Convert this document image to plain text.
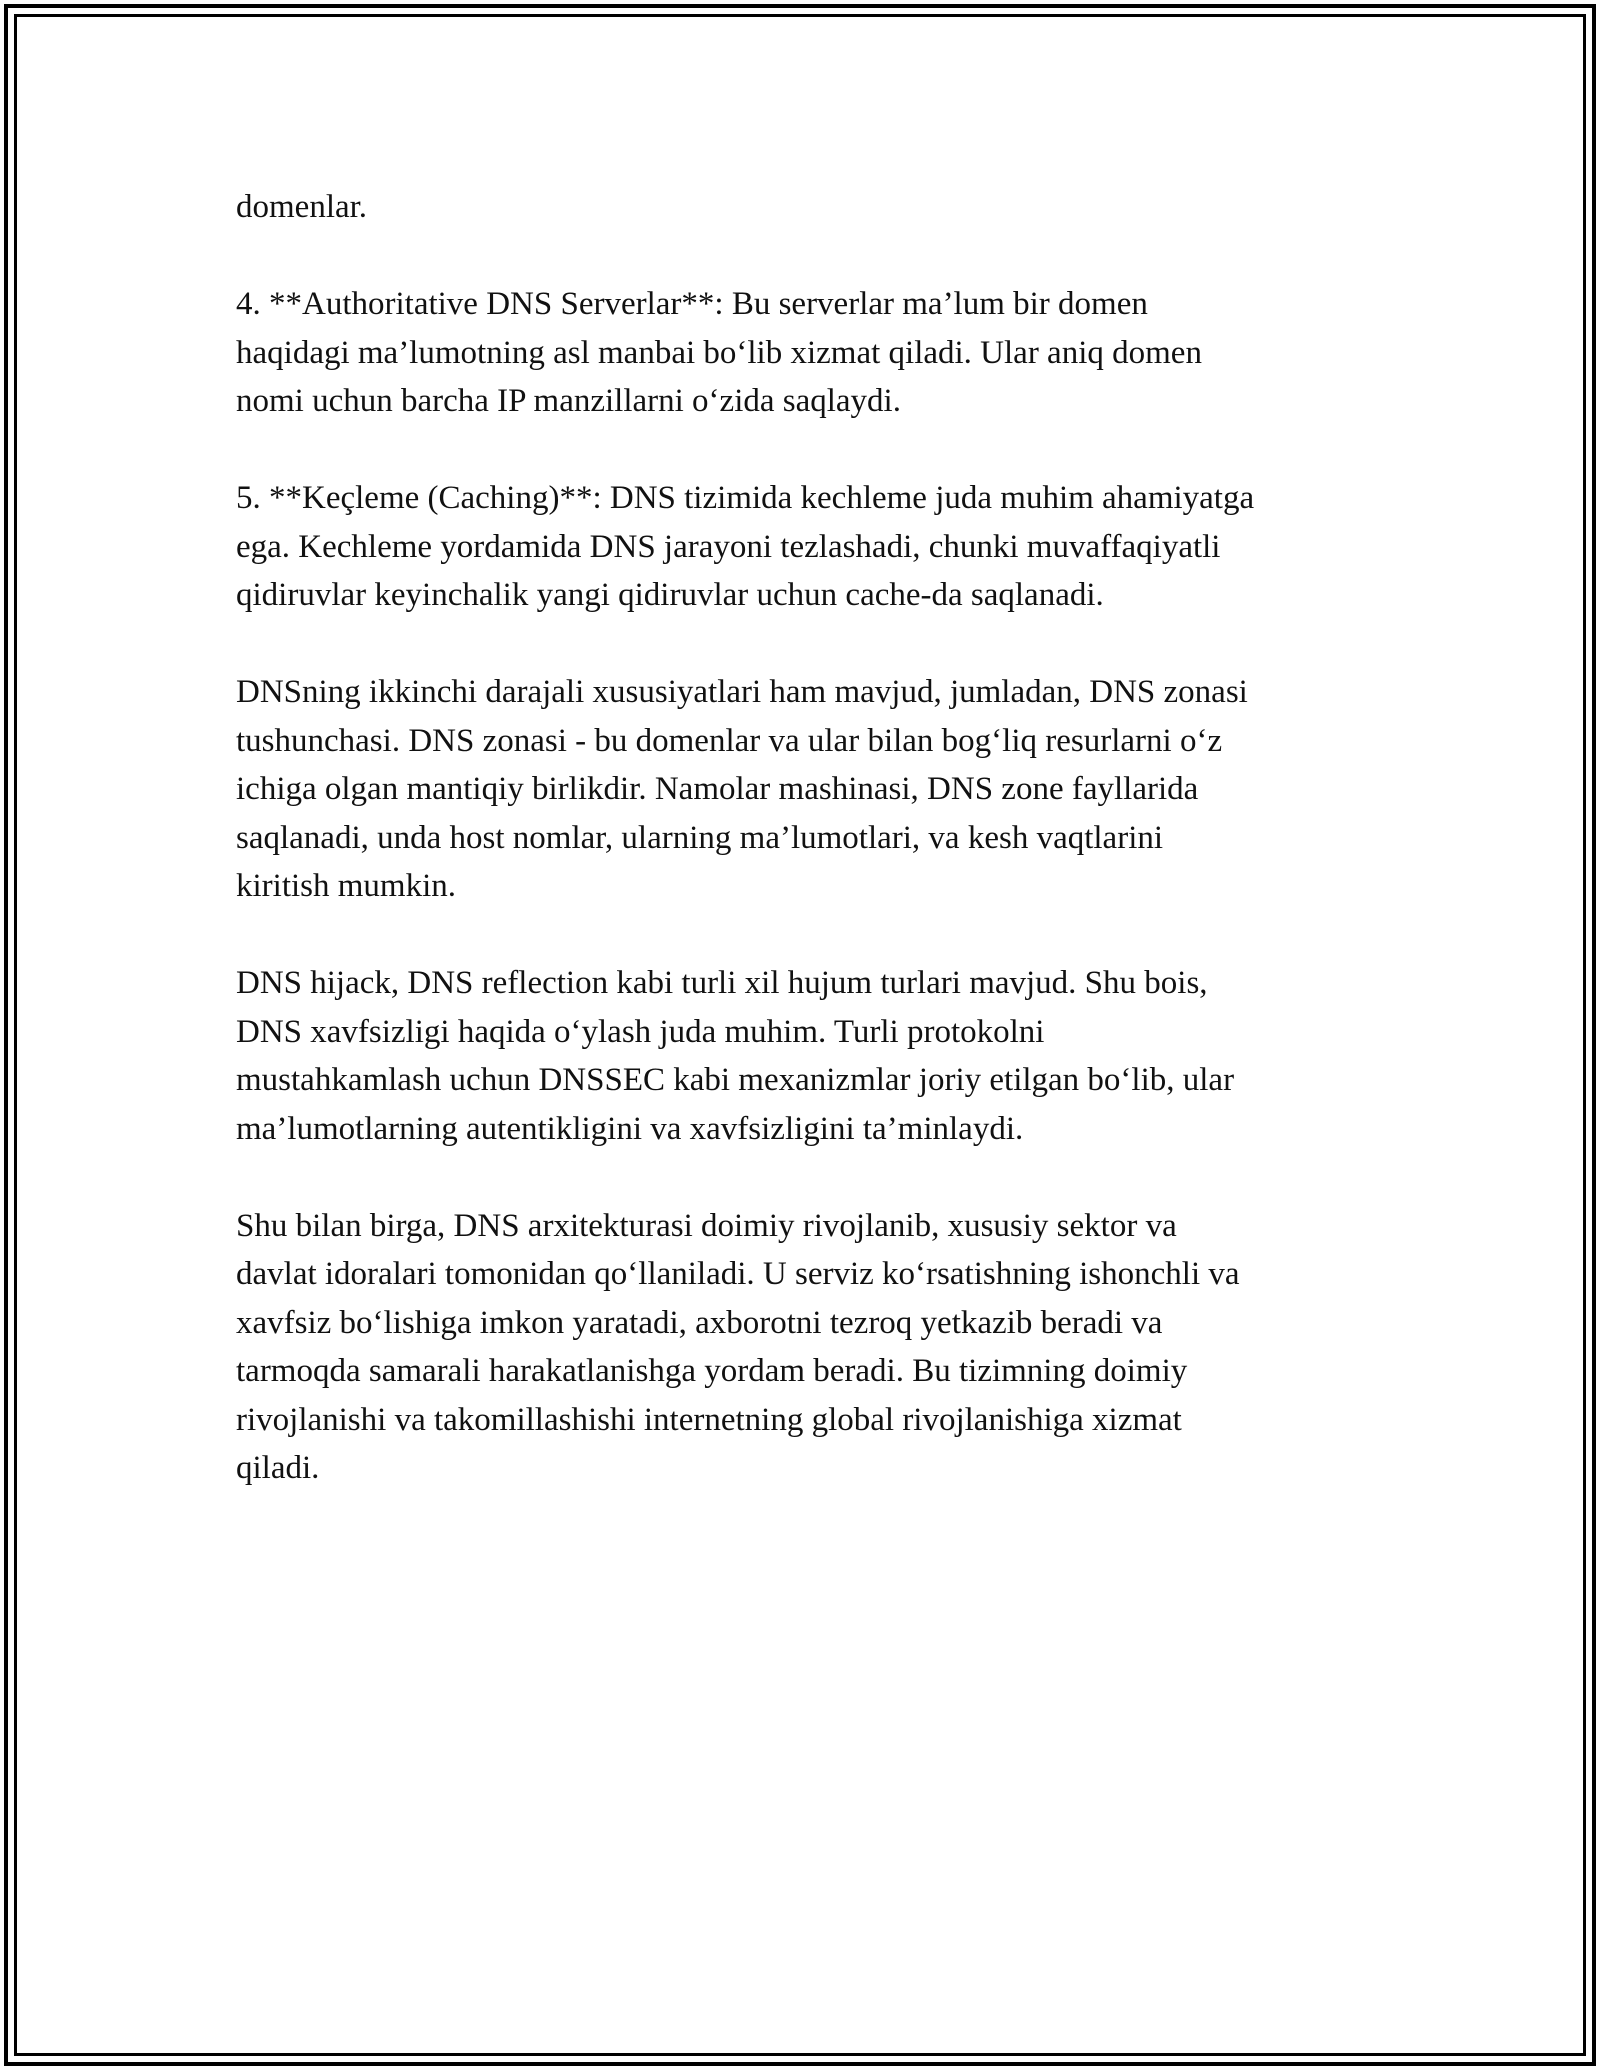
domenlar.
4. **Authoritative DNS Serverlar**: Bu serverlar ma’lum bir domen
haqidagi ma’lumotning asl manbai bo‘lib xizmat qiladi. Ular aniq domen
nomi uchun barcha IP manzillarni o‘zida saqlaydi.
5. **Keçleme (Caching)**: DNS tizimida kechleme juda muhim ahamiyatga
ega. Kechleme yordamida DNS jarayoni tezlashadi, chunki muvaffaqiyatli
qidiruvlar keyinchalik yangi qidiruvlar uchun cache-da saqlanadi.
DNSning ikkinchi darajali xususiyatlari ham mavjud, jumladan, DNS zonasi
tushunchasi. DNS zonasi - bu domenlar va ular bilan bog‘liq resurlarni o‘z
ichiga olgan mantiqiy birlikdir. Namolar mashinasi, DNS zone fayllarida
saqlanadi, unda host nomlar, ularning ma’lumotlari, va kesh vaqtlarini
kiritish mumkin.
DNS hijack, DNS reflection kabi turli xil hujum turlari mavjud. Shu bois,
DNS xavfsizligi haqida o‘ylash juda muhim. Turli protokolni
mustahkamlash uchun DNSSEC kabi mexanizmlar joriy etilgan bo‘lib, ular
ma’lumotlarning autentikligini va xavfsizligini ta’minlaydi.
Shu bilan birga, DNS arxitekturasi doimiy rivojlanib, xususiy sektor va
davlat idoralari tomonidan qo‘llaniladi. U serviz ko‘rsatishning ishonchli va
xavfsiz bo‘lishiga imkon yaratadi, axborotni tezroq yetkazib beradi va
tarmoqda samarali harakatlanishga yordam beradi. Bu tizimning doimiy
rivojlanishi va takomillashishi internetning global rivojlanishiga xizmat
qiladi.
